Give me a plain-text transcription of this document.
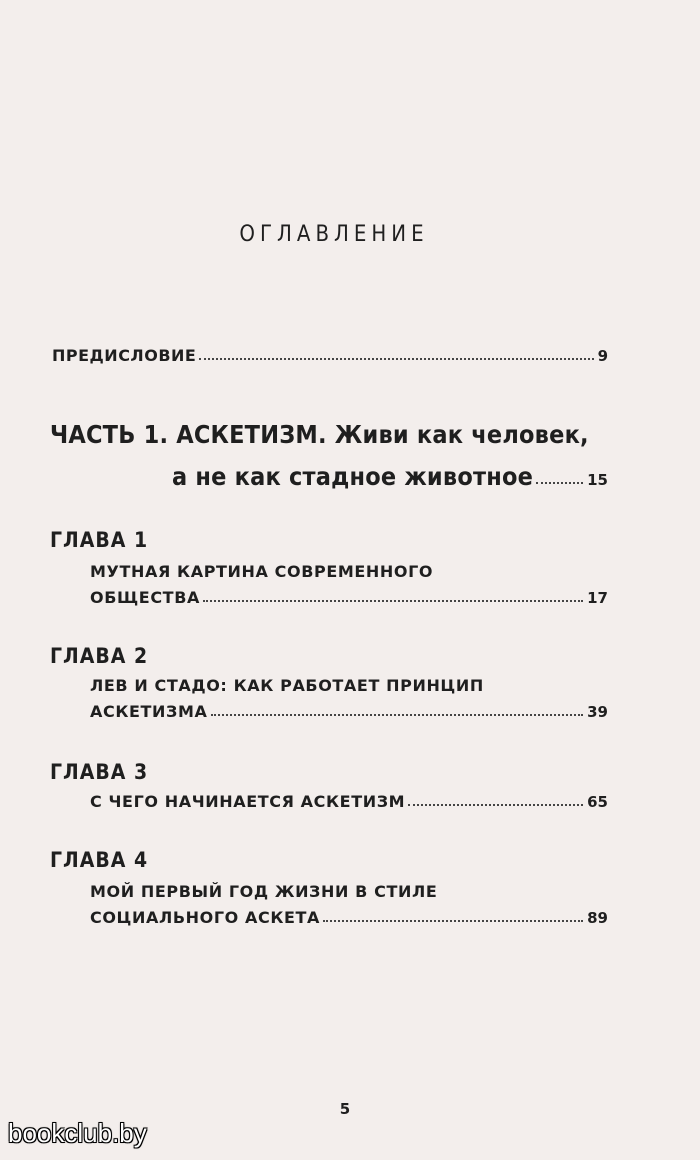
ОГЛАВЛЕНИЕ
ПРЕДИСЛОВИЕ	9
ЧАСТЬ 1. АСКЕТИЗМ. Живи как человек,
а не как стадное животное	15
ГЛАВА 1
МУТНАЯ КАРТИНА СОВРЕМЕННОГО
ОБЩЕСТВА	17
ГЛАВА 2
ЛЕВ И СТАДО: КАК РАБОТАЕТ ПРИНЦИП
АСКЕТИЗМА	39
ГЛАВА 3
С ЧЕГО НАЧИНАЕТСЯ АСКЕТИЗМ	65
ГЛАВА 4
МОЙ ПЕРВЫЙ ГОД ЖИЗНИ В СТИЛЕ
СОЦИАЛЬНОГО АСКЕТА	89
5
bookclub.by
